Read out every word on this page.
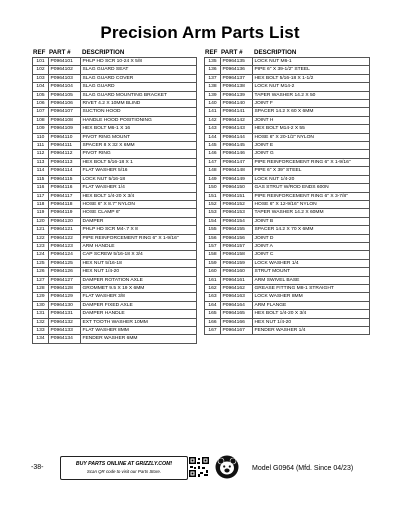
Precision Arm Parts List
REF PART # DESCRIPTION	REF PART # DESCRIPTION
101	P0964101	PHLP HD SCR 10-24 X 5/8
102	P0964102	SLAG GUARD SEAT
103	P0964103	SLAG GUARD COVER
104	P0964104	SLAG GUARD
105	P0964105	SLAG GUARD MOUNTING BRACKET
106	P0964106	RIVET 4.2 X 10MM BLIND
107	P0964107	SUCTION HOOD
108	P0964108	HANDLE HOOD POSITIONING
109	P0964109	HEX BOLT M6-1 X 16
110	P0964110	PIVOT RING MOUNT
111	P0964111	SPACER 8 X 32 X 6MM
112	P0964112	PIVOT RING
113	P0964113	HEX BOLT 5/16-18 X 1
114	P0964114	FLAT WASHER 5/16
115	P0964115	LOCK NUT 5/16-18
116	P0964116	FLAT WASHER 1/4
117	P0964117	HEX BOLT 1/4-20 X 3/4
118	P0964118	HOSE 6" X 8.7" NYLON
119	P0964119	HOSE CLAMP 6"
120	P0964120	DAMPER
121	P0964121	PHLP HD SCR M4-.7 X 8
122	P0964122	PIPE REINFORCEMENT RING 6" X 1-9/16"
123	P0964123	ARM HANDLE
124	P0964124	CAP SCREW 5/16-18 X 3/4
125	P0964125	HEX NUT 5/16-18
126	P0964126	HEX NUT 1/4-20
127	P0964127	DAMPER ROTATION AXLE
128	P0964128	GROMMET 9.5 X 19 X 6MM
129	P0964129	FLAT WASHER 3/8
130	P0964130	DAMPER FIXED AXLE
131	P0964131	DAMPER HANDLE
132	P0964132	EXT TOOTH WASHER 10MM
133	P0964133	FLAT WASHER 8MM
134	P0964134	FENDER WASHER 6MM
135	P0964135	LOCK NUT M6-1
136	P0964136	PIPE 6" X 39-1/2" STEEL
137	P0964137	HEX BOLT 5/16-18 X 1-1/2
138	P0964138	LOCK NUT M14-2
139	P0964139	TAPER WASHER 14.2 X 50
140	P0964140	JOINT F
141	P0964141	SPACER 14.2 X 60 X 6MM
142	P0964142	JOINT H
143	P0964143	HEX BOLT M14-2 X 55
144	P0964144	HOSE 6" X 20-1/2" NYLON
145	P0964145	JOINT E
146	P0964146	JOINT G
147	P0964147	PIPE REINFORCEMENT RING 6" X 1-9/16"
148	P0964148	PIPE 6" X 39" STEEL
149	P0964149	LOCK NUT 1/4-20
150	P0964150	GAS STRUT W/ROD ENDS 600N
151	P0964151	PIPE REINFORCEMENT RING 6" X 3-7/8"
152	P0964152	HOSE 6" X 12-9/16" NYLON
153	P0964153	TAPER WASHER 14.2 X 60MM
154	P0964154	JOINT B
155	P0964155	SPACER 14.2 X 70 X 6MM
156	P0964156	JOINT D
157	P0964157	JOINT A
158	P0964158	JOINT C
159	P0964159	LOCK WASHER 1/4
160	P0964160	STRUT MOUNT
161	P0964161	ARM SWIVEL BASE
162	P0964162	GREASE FITTING M8-1 STRAIGHT
163	P0964163	LOCK WASHER 8MM
164	P0964164	ARM FLANGE
165	P0964165	HEX BOLT 1/4-20 X 3/4
166	P0964166	HEX NUT 1/4-20
167	P0964167	FENDER WASHER 1/4
-38-	BUY PARTS ONLINE AT GRIZZLY.COM!
Scan QR code to visit our Parts Store.	Model G0964 (Mfd. Since 04/23)
